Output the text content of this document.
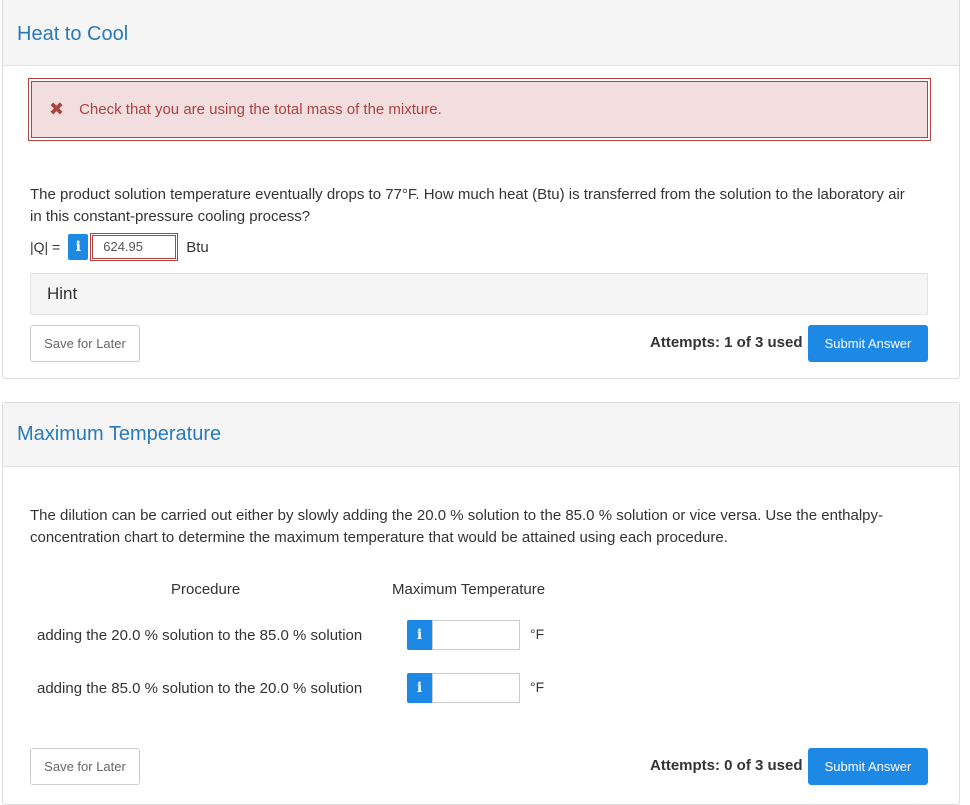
Heat to Cool
✖ Check that you are using the total mass of the mixture.
The product solution temperature eventually drops to 77°F. How much heat (Btu) is transferred from the solution to the laboratory air in this constant-pressure cooling process?
|Q| =	i	624.95	Btu
Hint
Save for Later	Attempts: 1 of 3 used	Submit Answer
Maximum Temperature
The dilution can be carried out either by slowly adding the 20.0 % solution to the 85.0 % solution or vice versa. Use the enthalpy-concentration chart to determine the maximum temperature that would be attained using each procedure.
Procedure	Maximum Temperature
adding the 20.0 % solution to the 85.0 % solution	i	°F
adding the 85.0 % solution to the 20.0 % solution	i	°F
Save for Later	Attempts: 0 of 3 used	Submit Answer
